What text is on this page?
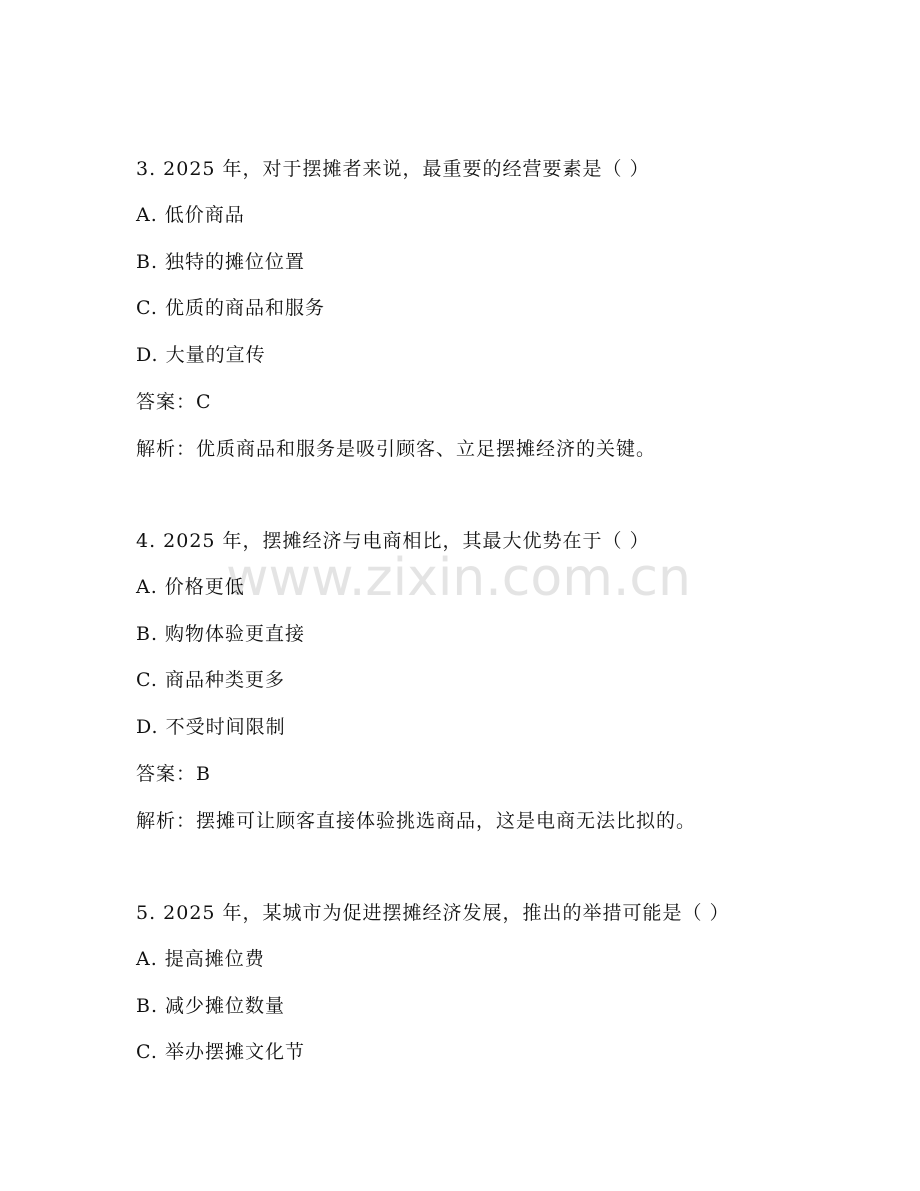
www.zixin.com.cn
3. 2025 年，对于摆摊者来说，最重要的经营要素是（ ）
A. 低价商品
B. 独特的摊位位置
C. 优质的商品和服务
D. 大量的宣传
答案：C
解析：优质商品和服务是吸引顾客、立足摆摊经济的关键。
4. 2025 年，摆摊经济与电商相比，其最大优势在于（ ）
A. 价格更低
B. 购物体验更直接
C. 商品种类更多
D. 不受时间限制
答案：B
解析：摆摊可让顾客直接体验挑选商品，这是电商无法比拟的。
5. 2025 年，某城市为促进摆摊经济发展，推出的举措可能是（ ）
A. 提高摊位费
B. 减少摊位数量
C. 举办摆摊文化节
